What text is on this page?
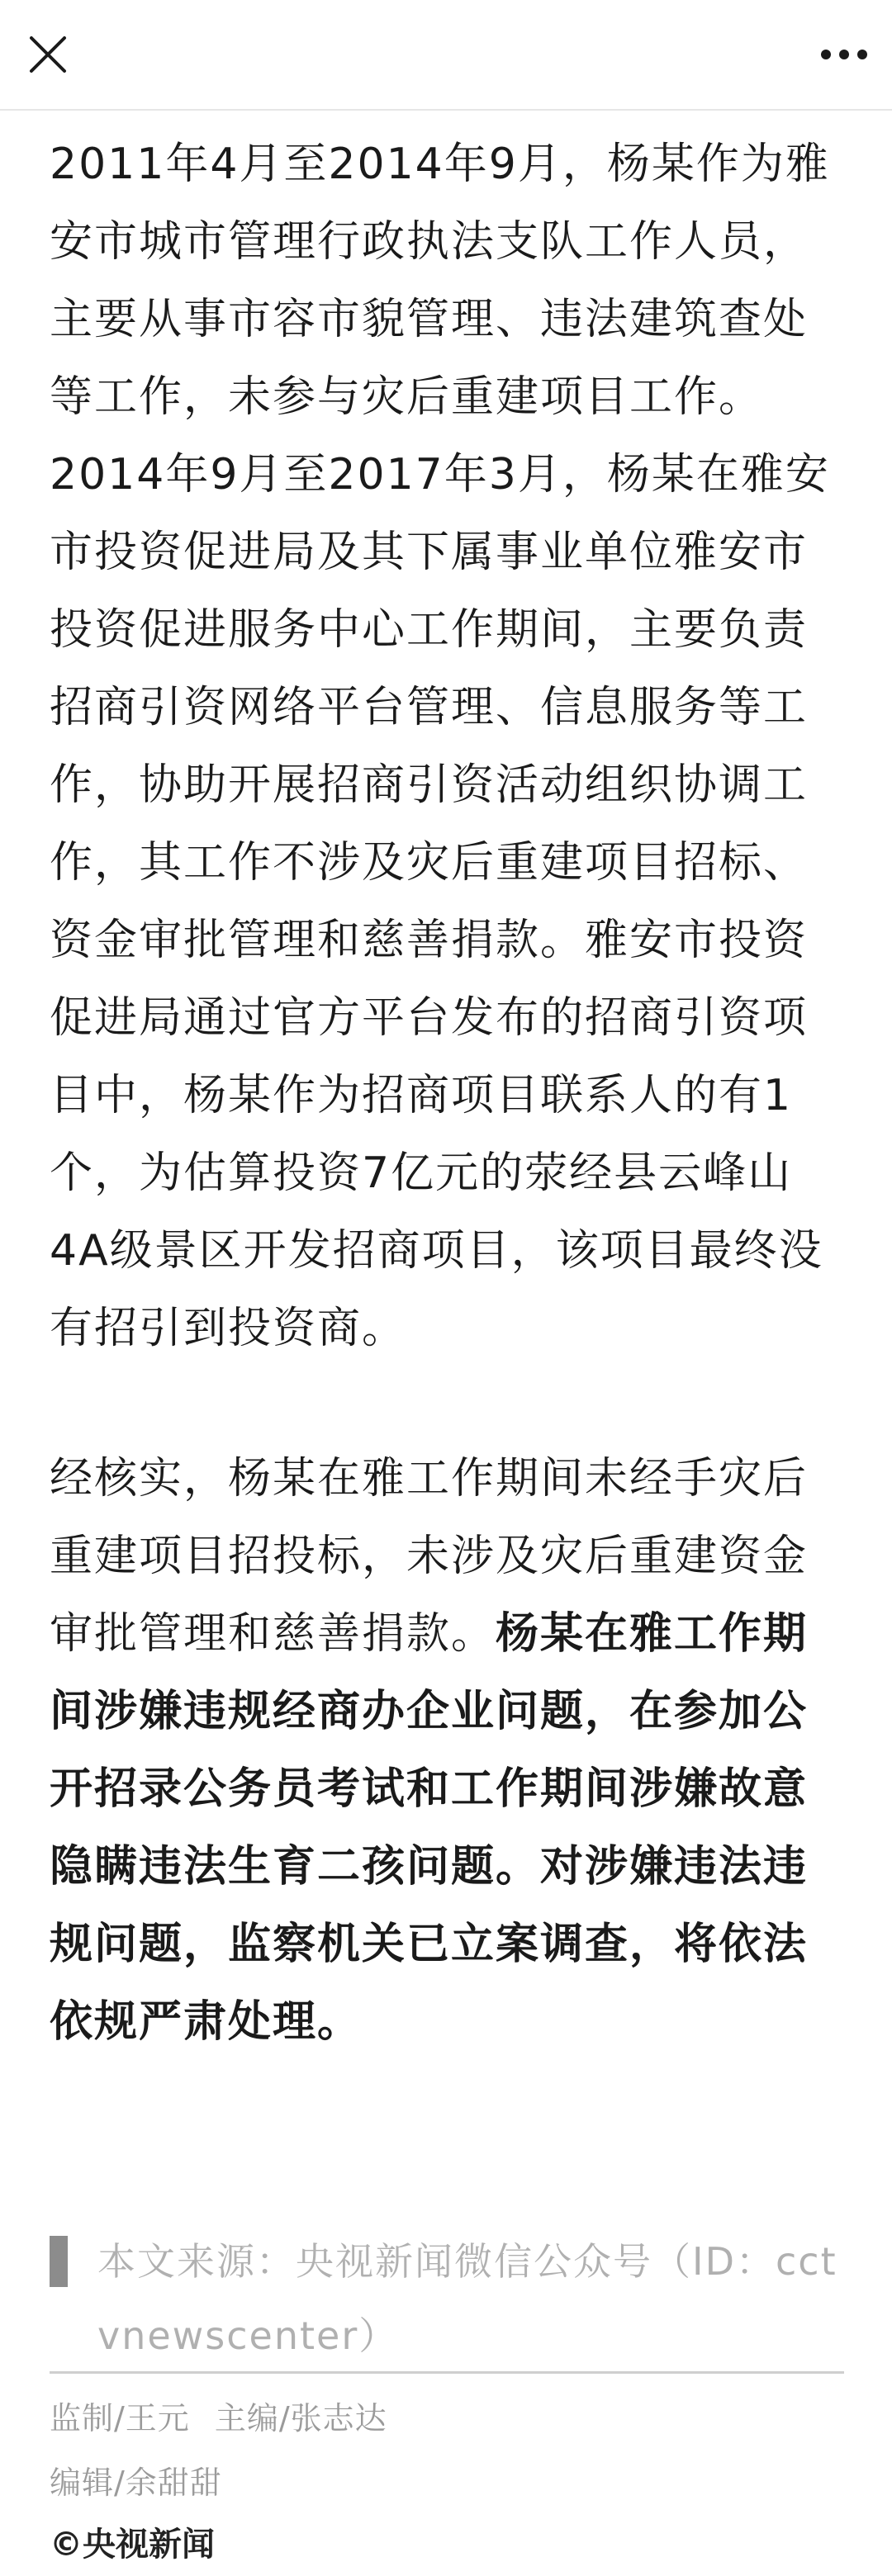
2011年4月至2014年9月，杨某作为雅安市城市管理行政执法支队工作人员，主要从事市容市貌管理、违法建筑查处等工作，未参与灾后重建项目工作。2014年9月至2017年3月，杨某在雅安市投资促进局及其下属事业单位雅安市投资促进服务中心工作期间，主要负责招商引资网络平台管理、信息服务等工作，协助开展招商引资活动组织协调工作，其工作不涉及灾后重建项目招标、资金审批管理和慈善捐款。雅安市投资促进局通过官方平台发布的招商引资项目中，杨某作为招商项目联系人的有1个，为估算投资7亿元的荥经县云峰山4A级景区开发招商项目，该项目最终没有招引到投资商。

经核实，杨某在雅工作期间未经手灾后重建项目招投标，未涉及灾后重建资金审批管理和慈善捐款。杨某在雅工作期间涉嫌违规经商办企业问题，在参加公开招录公务员考试和工作期间涉嫌故意隐瞒违法生育二孩问题。对涉嫌违法违规问题，监察机关已立案调查，将依法依规严肃处理。

本文来源：央视新闻微信公众号（ID：cctvnewscenter）
监制/王元 主编/张志达
编辑/余甜甜
©央视新闻
